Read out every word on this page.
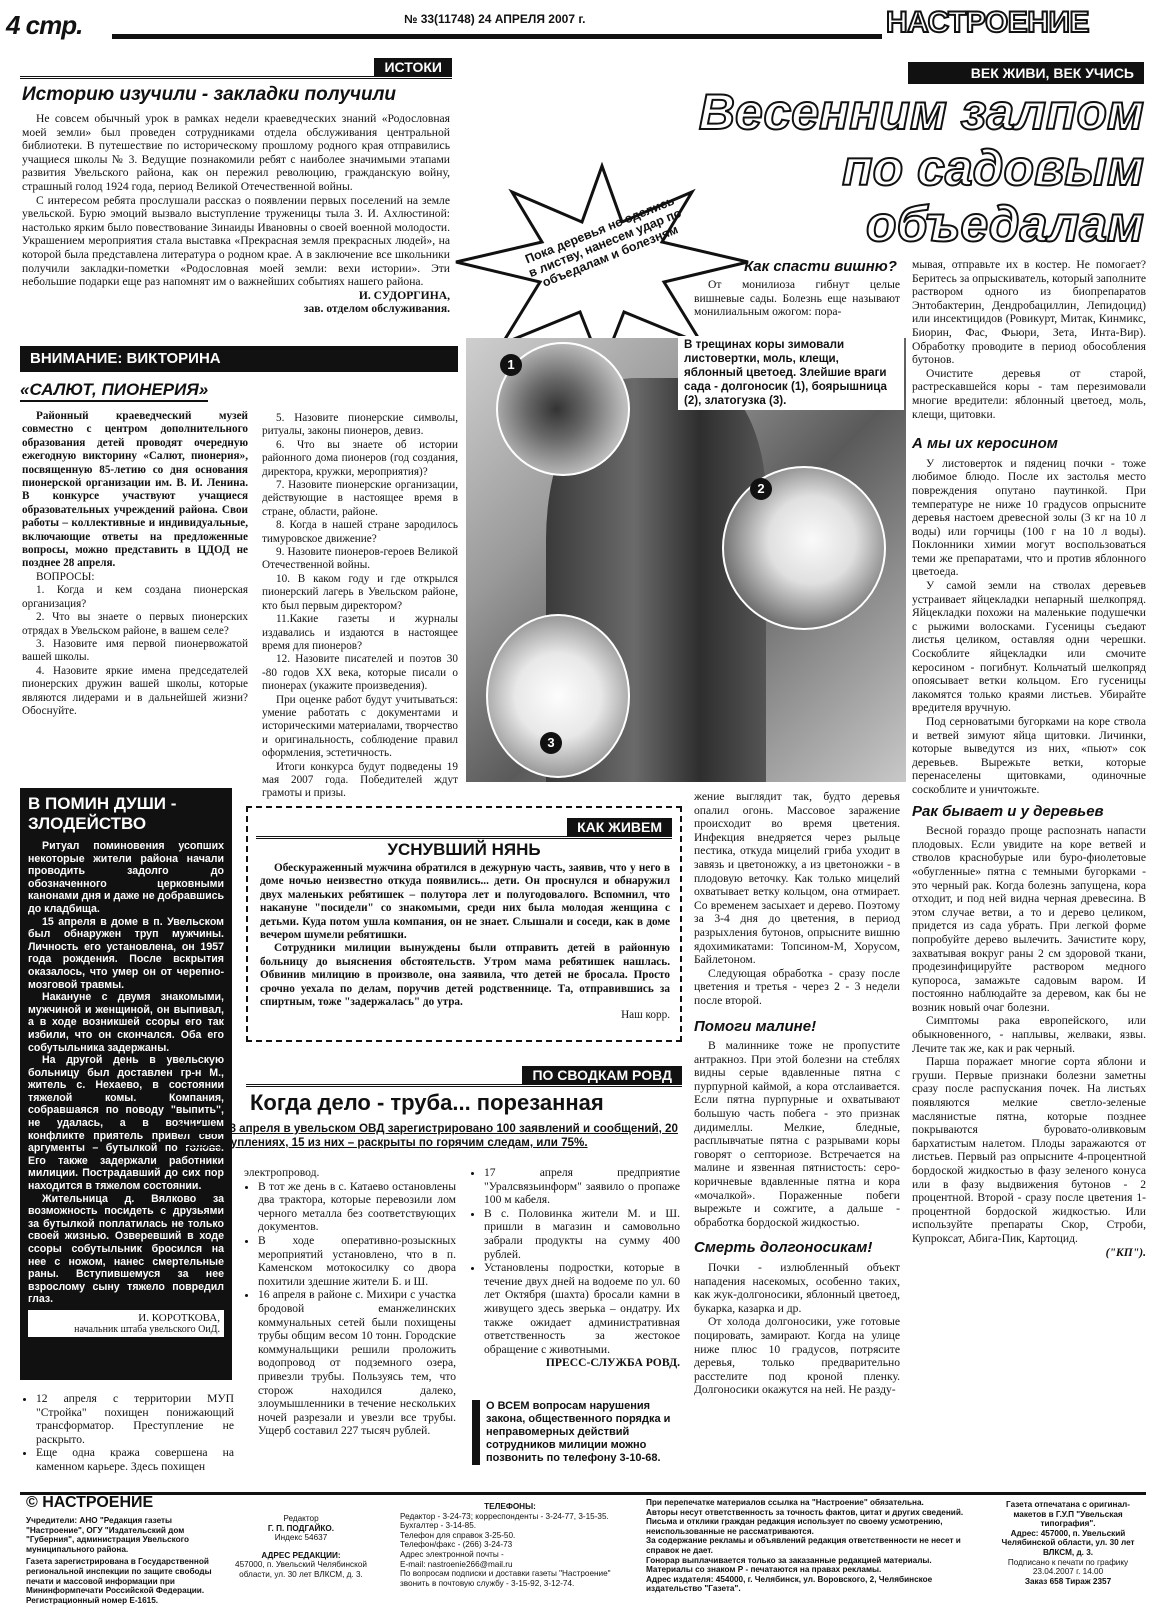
4 стр.	№ 33(11748) 24 АПРЕЛЯ 2007 г.	НАСТРОЕНИЕ
ИСТОКИ
Историю изучили - закладки получили

Не совсем обычный урок в рамках недели краеведческих знаний «Родословная моей земли» был проведен сотрудниками отдела обслуживания центральной библиотеки. В путешествие по историческому прошлому родного края отправились учащиеся школы № 3. Ведущие познакомили ребят с наиболее значимыми этапами развития Увельского района, как он пережил революцию, гражданскую войну, страшный голод 1924 года, период Великой Отечественной войны.

С интересом ребята прослушали рассказ о появлении первых поселений на земле увельской. Бурю эмоций вызвало выступление труженицы тыла З. И. Ахлюстиной: настолько ярким было повествование Зинаиды Ивановны о своей военной молодости. Украшением мероприятия стала выставка «Прекрасная земля прекрасных людей», на которой была представлена литература о родном крае. А в заключение все школьники получили закладки-пометки «Родословная моей земли: вехи истории». Эти небольшие подарки еще раз напомнят им о важнейших событиях нашего района.

И. СУДОРГИНА,

зав. отделом обслуживания.

ВНИМАНИЕ: ВИКТОРИНА
«САЛЮТ, ПИОНЕРИЯ»

Районный краеведческий музей совместно с центром дополнительного образования детей проводят очередную ежегодную викторину «Салют, пионерия», посвященную 85-летию со дня основания пионерской организации им. В. И. Ленина. В конкурсе участвуют учащиеся образовательных учреждений района. Свои работы – коллективные и индивидуальные, включающие ответы на предложенные вопросы, можно представить в ЦДОД не позднее 28 апреля.

ВОПРОСЫ:

1. Когда и кем создана пионерская организация?

2. Что вы знаете о первых пионерских отрядах в Увельском районе, в вашем селе?

3. Назовите имя первой пионервожатой вашей школы.

4. Назовите яркие имена председателей пионерских дружин вашей школы, которые являются лидерами и в дальнейшей жизни? Обоснуйте.

5. Назовите пионерские символы, ритуалы, законы пионеров, девиз.

6. Что вы знаете об истории районного дома пионеров (год создания, директора, кружки, мероприятия)?

7. Назовите пионерские организации, действующие в настоящее время в стране, области, районе.

8. Когда в нашей стране зародилось тимуровское движение?

9. Назовите пионеров-героев Великой Отечественной войны.

10. В каком году и где открылся пионерский лагерь в Увельском районе, кто был первым директором?

11.Какие газеты и журналы издавались и издаются в настоящее время для пионеров?

12. Назовите писателей и поэтов 30 -80 годов ХХ века, которые писали о пионерах (укажите произведения).

При оценке работ будут учитываться: умение работать с документами и историческими материалами, творчество и оригинальность, соблюдение правил оформления, эстетичность.

Итоги конкурса будут подведены 19 мая 2007 года. Победителей ждут грамоты и призы.

В ПОМИН ДУШИ -
ЗЛОДЕЙСТВО

Ритуал поминовения усопших некоторые жители района начали проводить задолго до обозначенного церковными канонами дня и даже не добравшись до кладбища.

15 апреля в доме в п. Увельском был обнаружен труп мужчины. Личность его установлена, он 1957 года рождения. После вскрытия оказалось, что умер он от черепно-мозговой травмы.

Накануне с двумя знакомыми, мужчиной и женщиной, он выпивал, а в ходе возникшей ссоры его так избили, что он скончался. Оба его собутыльника задержаны.

На другой день в увельскую больницу был доставлен гр-н М., житель с. Нехаево, в состоянии тяжелой комы. Компания, собравшаяся по поводу "выпить", не удалась, а в возникшем конфликте приятель привел свои аргументы – бутылкой по голове. Его также задержали работники милиции. Пострадавший до сих пор находится в тяжелом состоянии.

Жительница д. Вялково за возможность посидеть с друзьями за бутылкой поплатилась не только своей жизнью. Озверевший в ходе ссоры собутыльник бросился на нее с ножом, нанес смертельные раны. Вступившемуся за нее взрослому сыну тяжело повредил глаз.

И. КОРОТКОВА,
начальник штаба увельского ОиД.
• 12 апреля с территории МУП "Стройка" похищен понижающий трансформатор. Преступление не раскрыто.
• Еще одна кража совершена на каменном карьере. Здесь похищен
ВЕК ЖИВИ, ВЕК УЧИСЬ
Весенним залпом
по садовым
объедалам
Пока деревья не оделись в листву, нанесем удар по объедалам и болезням	Как спасти вишню?
От монилиоза гибнут целые вишневые сады. Болезнь еще называют монилиальным ожогом: пора-
1
2
3
В трещинах коры зимовали листовертки, моль, клещи, яблонный цветоед. Злейшие враги сада - долгоносик (1), боярышница (2), златогузка (3).

мывая, отправьте их в костер. Не помогает? Беритесь за опрыскиватель, который заполните раствором одного из биопрепаратов Энтобактерин, Дендробациллин, Лепидоцид) или инсектицидов (Ровикурт, Митак, Кинмикс, Биорин, Фас, Фьюри, Зета, Инта-Вир). Обработку проводите в период обособления бутонов.

Очистите деревья от старой, растрескавшейся коры - там перезимовали многие вредители: яблонный цветоед, моль, клещи, щитовки.

А мы их керосином

У листоверток и пядениц почки - тоже любимое блюдо. После их застолья место повреждения опутано паутинкой. При температуре не ниже 10 градусов опрысните деревья настоем древесной золы (3 кг на 10 л воды) или горчицы (100 г на 10 л воды). Поклонники химии могут воспользоваться теми же препаратами, что и против яблонного цветоеда.

У самой земли на стволах деревьев устраивает яйцекладки непарный шелкопряд. Яйцекладки похожи на маленькие подушечки с рыжими волосками. Гусеницы съедают листья целиком, оставляя одни черешки. Соскоблите яйцекладки или смочите керосином - погибнут. Кольчатый шелкопряд опоясывает ветки кольцом. Его гусеницы лакомятся только краями листьев. Убирайте вредителя вручную.

Под серноватыми бугорками на коре ствола и ветвей зимуют яйца щитовки. Личинки, которые выведутся из них, «пьют» сок деревьев. Вырежьте ветки, которые перенаселены щитовками, одиночные соскоблите и уничтожьте.

Рак бывает и у деревьев

Весной гораздо проще распознать напасти плодовых. Если увидите на коре ветвей и стволов краснобурые или буро-фиолетовые «обугленные» пятна с темными бугорками - это черный рак. Когда болезнь запущена, кора отходит, и под ней видна черная древесина. В этом случае ветви, а то и дерево целиком, придется из сада убрать. При легкой форме попробуйте дерево вылечить. Зачистите кору, захватывая вокруг раны 2 см здоровой ткани, продезинфицируйте раствором медного купороса, замажьте садовым варом. И постоянно наблюдайте за деревом, как бы не возник новый очаг болезни.

Симптомы рака европейского, или обыкновенного, - наплывы, желваки, язвы. Лечите так же, как и рак черный.

Парша поражает многие сорта яблони и груши. Первые признаки болезни заметны сразу после распускания почек. На листьях появляются мелкие светло-зеленые маслянистые пятна, которые позднее покрываются буровато-оливковым бархатистым налетом. Плоды заражаются от листьев. Первый раз опрысните 4-процентной бордоской жидкостью в фазу зеленого конуса или в фазу выдвижения бутонов - 2 процентной. Второй - сразу после цветения 1-процентной бордоской жидкостью. Или используйте препараты Скор, Строби, Купроксат, Абига-Пик, Картоцид.

("КП").

жение выглядит так, будто деревья опалил огонь. Массовое заражение происходит во время цветения. Инфекция внедряется через рыльце пестика, откуда мицелий гриба уходит в завязь и цветоножку, а из цветоножки - в плодовую веточку. Как только мицелий охватывает ветку кольцом, она отмирает. Со временем засыхает и дерево. Поэтому за 3-4 дня до цветения, в период разрыхления бутонов, опрысните вишню ядохимикатами: Топсином-М, Хорусом, Байлетоном.

Следующая обработка - сразу после цветения и третья - через 2 - 3 недели после второй.

Помоги малине!

В малиннике тоже не пропустите антракноз. При этой болезни на стеблях видны серые вдавленные пятна с пурпурной каймой, а кора отслаивается. Если пятна пурпурные и охватывают большую часть побега - это признак дидимеллы. Мелкие, бледные, расплывчатые пятна с разрывами коры говорят о септориозе. Встречается на малине и язвенная пятнистость: серо-коричневые вдавленные пятна и кора «мочалкой». Пораженные побеги вырежьте и сожгите, а дальше - обработка бордоской жидкостью.

Смерть долгоносикам!

Почки - излюбленный объект нападения насекомых, особенно таких, как жук-долгоносики, яблонный цветоед, букарка, казарка и др.

От холода долгоносики, уже готовые поцировать, замирают. Когда на улице ниже плюс 10 градусов, потрясите деревья, только предварительно расстелите под кроной пленку. Долгоносики окажутся на ней. Не разду-

КАК ЖИВЕМ
УСНУВШИЙ НЯНЬ

Обескураженный мужчина обратился в дежурную часть, заявив, что у него в доме ночью неизвестно откуда появились... дети. Он проснулся и обнаружил двух маленьких ребятишек – полутора лет и полугодовалого. Вспомнил, что накануне "посидели" со знакомыми, среди них была молодая женщина с детьми. Куда потом ушла компания, он не знает. Слышали и соседи, как в доме вечером шумели ребятишки.

Сотрудники милиции вынуждены были отправить детей в районную больницу до выяснения обстоятельств. Утром мама ребятишек нашлась. Обвинив милицию в произволе, она заявила, что детей не бросала. Просто срочно уехала по делам, поручив детей родственнице. Та, отправившись за спиртным, тоже "задержалась" до утра.

Наш корр.

ПО СВОДКАМ РОВД
Когда дело - труба... порезанная
С 12 по 18 апреля в увельском ОВД зарегистрировано 100 заявлений и сообщений, 20 – о преступлениях, 15 из них – раскрыты по горячим следам, или 75%.

электропровод.

• В тот же день в с. Катаево остановлены два трактора, которые перевозили лом черного металла без соответствующих документов.
• В ходе оперативно-розыскных мероприятий установлено, что в п. Каменском мотокосилку со двора похитили здешние жители Б. и Ш.
• 16 апреля в районе с. Михири с участка бродовой еманжелинских коммунальных сетей были похищены трубы общим весом 10 тонн. Городские коммунальщики решили проложить водопровод от подземного озера, привезли трубы. Пользуясь тем, что сторож находился далеко, злоумышленники в течение нескольких ночей разрезали и увезли все трубы. Ущерб составил 227 тысяч рублей.
• 17 апреля предприятие "Уралсвязьинформ" заявило о пропаже 100 м кабеля.
• В с. Половинка жители М. и Ш. пришли в магазин и самовольно забрали продукты на сумму 400 рублей.
• Установлены подростки, которые в течение двух дней на водоеме по ул. 60 лет Октября (шахта) бросали камни в живущего здесь зверька – ондатру. Их также ожидает административная ответственность за жестокое обращение с животными.

ПРЕСС-СЛУЖБА РОВД.

О ВСЕМ вопросам нарушения закона, общественного порядка и неправомерных действий сотрудников милиции можно позвонить по телефону 3-10-68.
© НАСТРОЕНИЕ

Учредители: АНО "Редакция газеты "Настроение", ОГУ "Издательский дом "Губерния", администрация Увельского муниципального района.

Газета зарегистрирована в Государственной региональной инспекции по защите свободы печати и массовой информации при Мининформпечати Российской Федерации. Регистрационный номер Е-1615.

Редактор

Г. П. ПОДГАЙКО.

Индекс 54637

АДРЕС РЕДАКЦИИ:

457000, п. Увельский Челябинской области, ул. 30 лет ВЛКСМ, д. 3.

ТЕЛЕФОНЫ:

Редактор - 3-24-73; корреспонденты - 3-24-77, 3-15-35.

Бухгалтер - 3-14-85.

Телефон для справок 3-25-50.

Телефон/факс - (266) 3-24-73

Адрес электронной почты -

E-mail: nastroenie266@mail.ru

По вопросам подписки и доставки газеты "Настроение" звонить в почтовую службу - 3-15-92, 3-12-74.

При перепечатке материалов ссылка на "Настроение" обязательна.

Авторы несут ответственность за точность фактов, цитат и других сведений.

Письма и отклики граждан редакция использует по своему усмотрению, неиспользованные не рассматриваются.

За содержание рекламы и объявлений редакция ответственности не несет и справок не дает.

Гонорар выплачивается только за заказанные редакцией материалы.

Материалы со знаком Р - печатаются на правах рекламы.

Адрес издателя: 454000, г. Челябинск, ул. Воровского, 2, Челябинское издательство "Газета".

Газета отпечатана с оригинал-макетов в Г.У.П "Увельская типография".

Адрес: 457000, п. Увельский Челябинской области, ул. 30 лет ВЛКСМ, д. 3.

Подписано к печати по графику 23.04.2007 г. 14.00

Заказ 658 Тираж 2357
